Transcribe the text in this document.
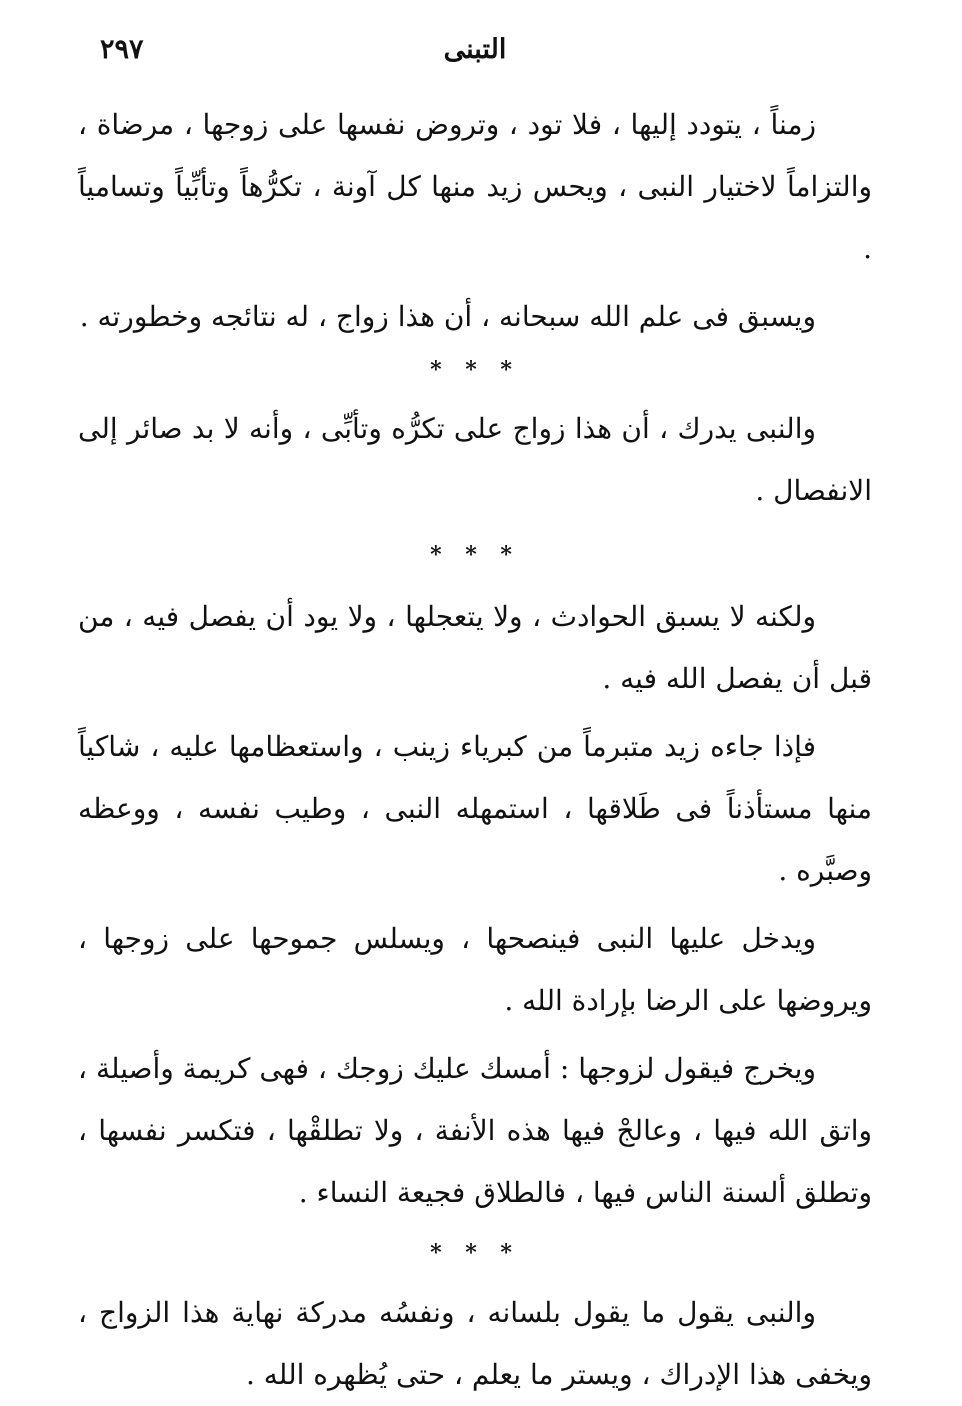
٢٩٧	التبنى

زمناً ، يتودد إليها ، فلا تود ، وتروض نفسها على زوجها ، مرضاة ، والتزاماً لاختيار النبى ، ويحس زيد منها كل آونة ، تكرُّهاً وتأبِّياً وتسامياً .

ويسبق فى علم الله سبحانه ، أن هذا زواج ، له نتائجه وخطورته .

* * *

والنبى يدرك ، أن هذا زواج على تكرُّه وتأبِّى ، وأنه لا بد صائر إلى الانفصال .

* * *

ولكنه لا يسبق الحوادث ، ولا يتعجلها ، ولا يود أن يفصل فيه ، من قبل أن يفصل الله فيه .

فإذا جاءه زيد متبرماً من كبرياء زينب ، واستعظامها عليه ، شاكياً منها مستأذناً فى طَلاقها ، استمهله النبى ، وطيب نفسه ، ووعظه وصبَّره .

ويدخل عليها النبى فينصحها ، ويسلس جموحها على زوجها ، ويروضها على الرضا بإرادة الله .

ويخرج فيقول لزوجها : أمسك عليك زوجك ، فهى كريمة وأصيلة ، واتق الله فيها ، وعالجْ فيها هذه الأنفة ، ولا تطلقْها ، فتكسر نفسها ، وتطلق ألسنة الناس فيها ، فالطلاق فجيعة النساء .

* * *

والنبى يقول ما يقول بلسانه ، ونفسُه مدركة نهاية هذا الزواج ، ويخفى هذا الإدراك ، ويستر ما يعلم ، حتى يُظهره الله .
